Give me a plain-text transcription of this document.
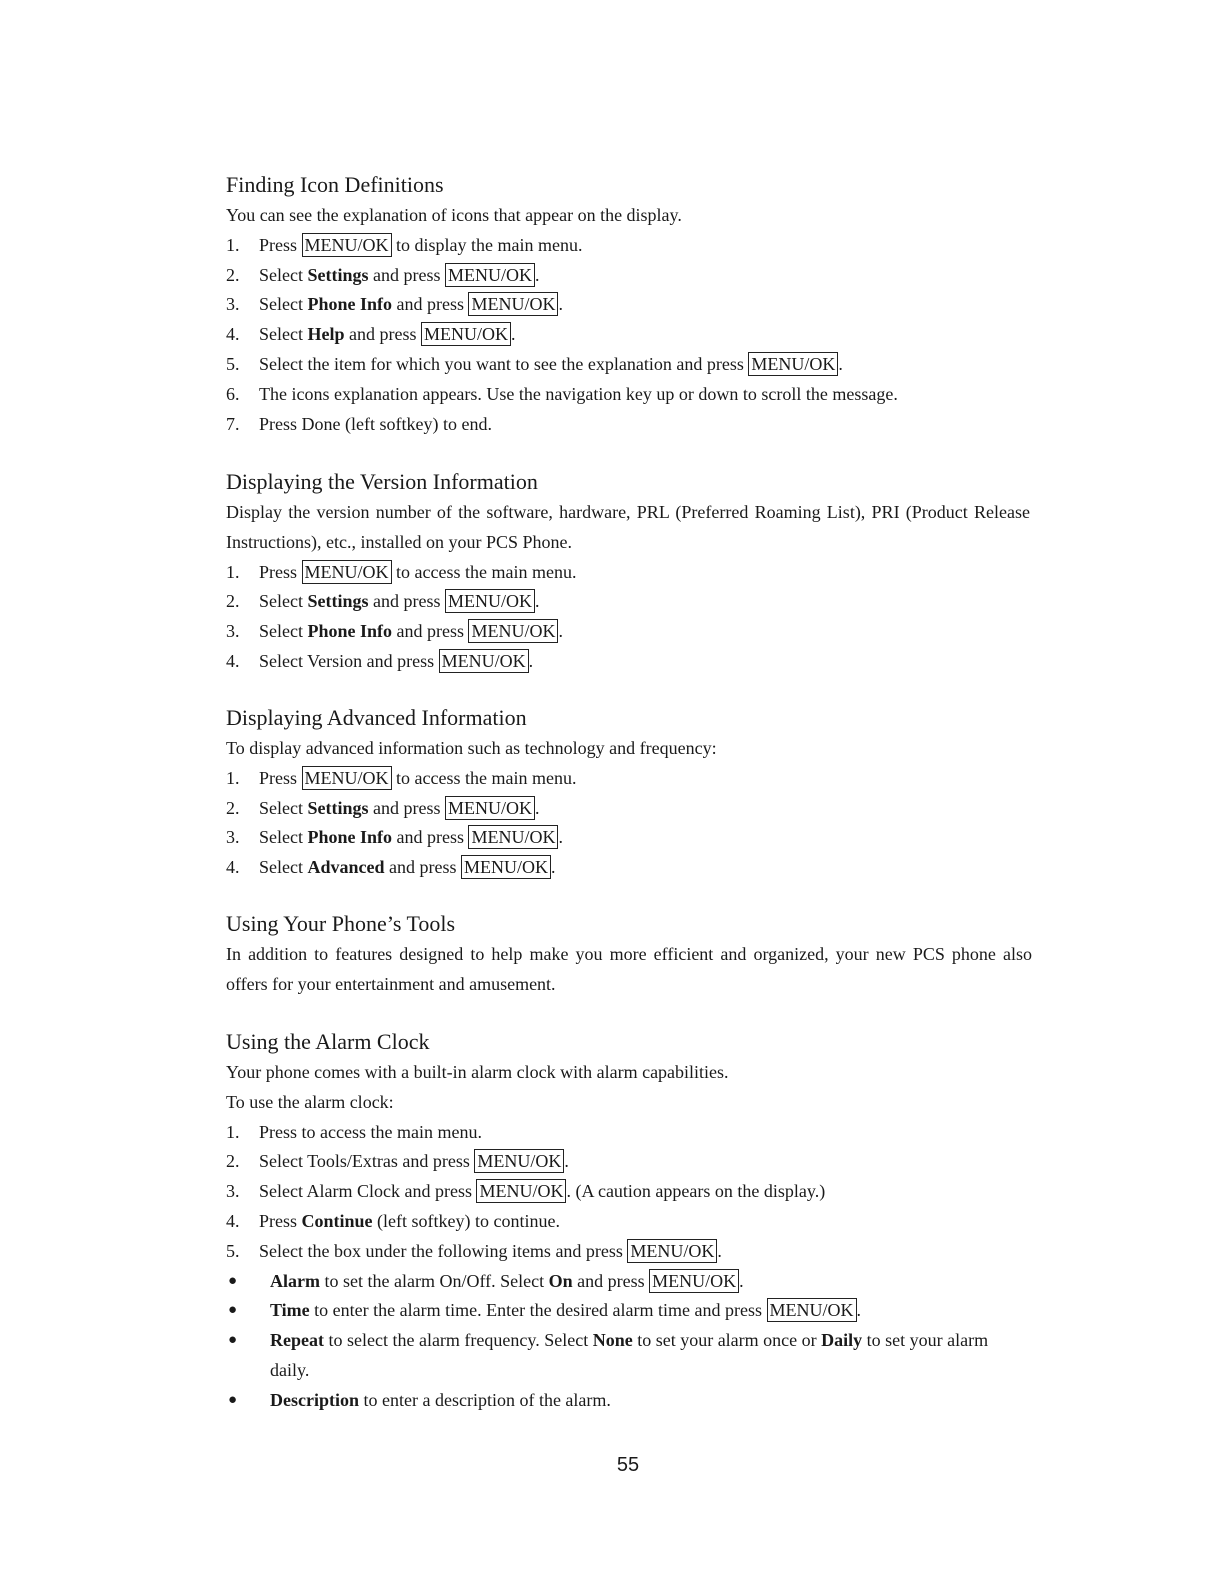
Finding Icon Definitions
You can see the explanation of icons that appear on the display.
1.	Press MENU/OK to display the main menu.
2.	Select Settings and press MENU/OK .
3.	Select Phone Info and press MENU/OK .
4.	Select Help and press MENU/OK .
5.	Select the item for which you want to see the explanation and press MENU/OK .
6.	The icons explanation appears. Use the navigation key up or down to scroll the message.
7.	Press Done (left softkey) to end.
Displaying the Version Information
Display the version number of the software, hardware, PRL (Preferred Roaming List), PRI (Product Release Instructions), etc., installed on your PCS Phone.
1.	Press MENU/OK to access the main menu.
2.	Select Settings and press MENU/OK .
3.	Select Phone Info and press MENU/OK .
4.	Select Version and press MENU/OK .
Displaying Advanced Information
To display advanced information such as technology and frequency:
1.	Press MENU/OK to access the main menu.
2.	Select Settings and press MENU/OK .
3.	Select Phone Info and press MENU/OK .
4.	Select Advanced and press MENU/OK .
Using Your Phone’s Tools
In addition to features designed to help make you more efficient and organized, your new PCS phone also offers for your entertainment and amusement.
Using the Alarm Clock
Your phone comes with a built-in alarm clock with alarm capabilities.
To use the alarm clock:
1.	Press to access the main menu.
2.	Select Tools/Extras and press MENU/OK .
3.	Select Alarm Clock and press MENU/OK . (A caution appears on the display.)
4.	Press Continue (left softkey) to continue.
5.	Select the box under the following items and press MENU/OK .
●	Alarm to set the alarm On/Off. Select On and press MENU/OK .
●	Time to enter the alarm time. Enter the desired alarm time and press MENU/OK .
●	Repeat to select the alarm frequency. Select None to set your alarm once or Daily to set your alarm daily.
●	Description to enter a description of the alarm.
55
